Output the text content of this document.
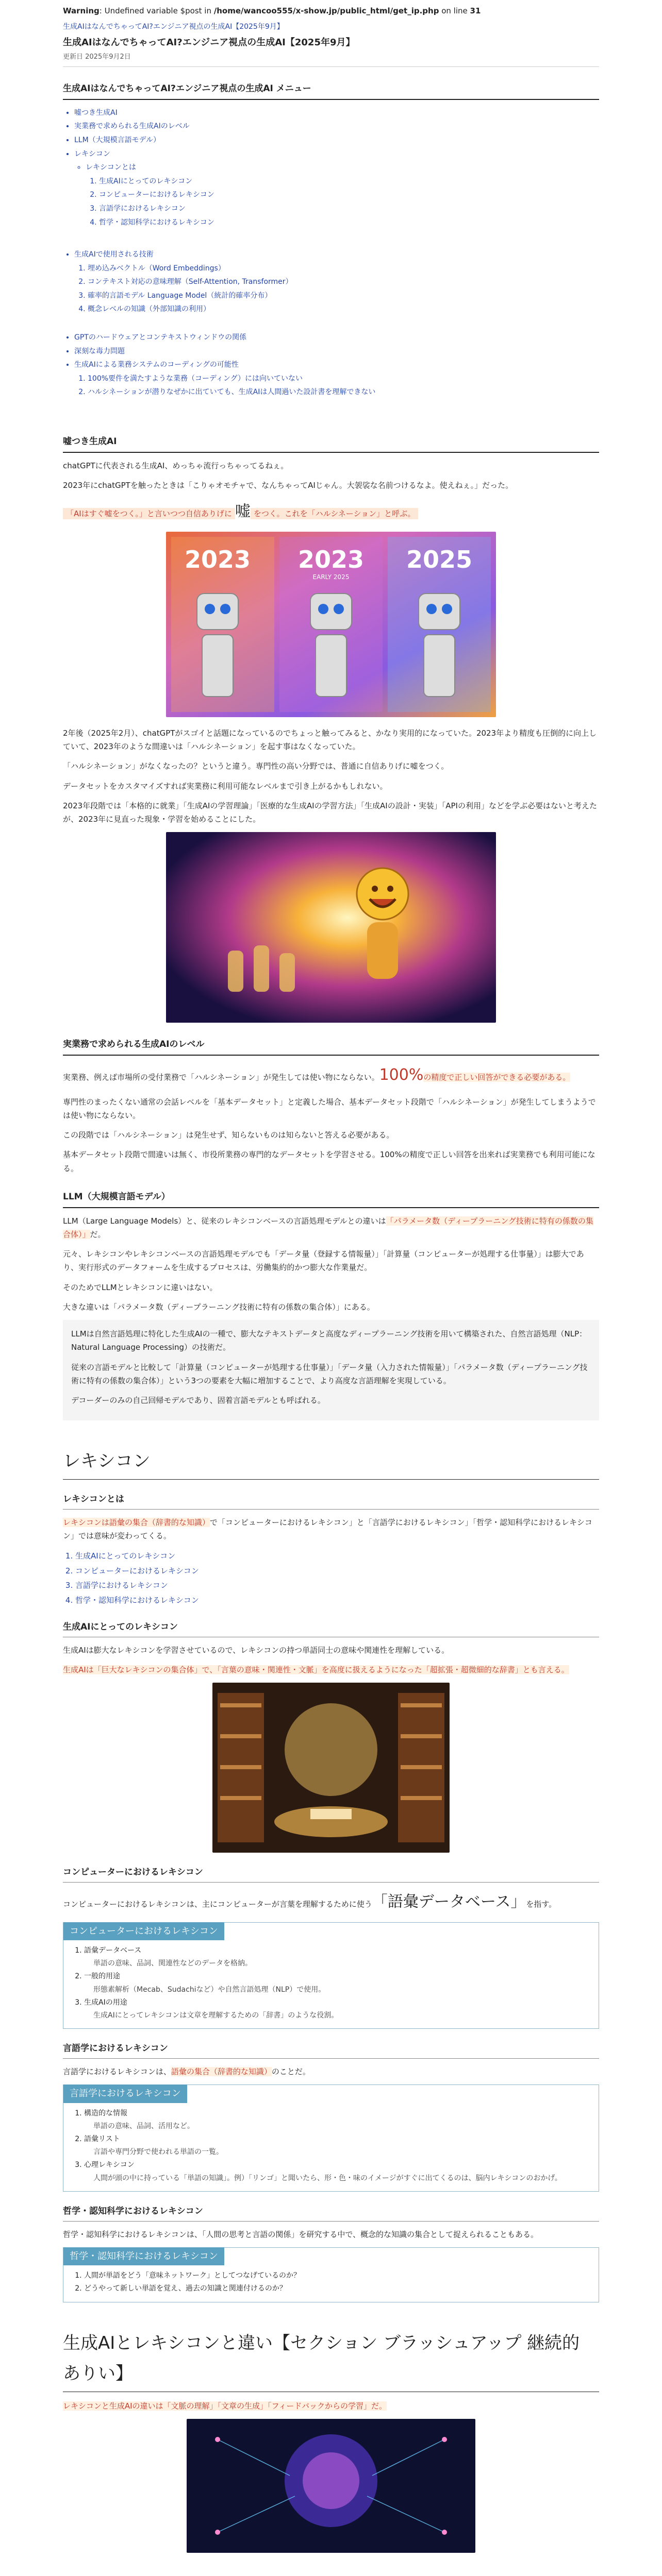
Warning: Undefined variable $post in /home/wancoo555/x-show.jp/public_html/get_ip.php on line 31
生成AIはなんでちゃってAI?エンジニア視点の生成AI【2025年9月】
生成AIはなんでちゃってAI?エンジニア視点の生成AI【2025年9月】
更新日 2025年9月2日
生成AIはなんでちゃってAI?エンジニア視点の生成AI メニュー
• 嘘つき生成AI
• 実業務で求められる生成AIのレベル
• LLM（大規模言語モデル）
• レキシコン
◦ レキシコンとは
1. 生成AIにとってのレキシコン
2. コンピューターにおけるレキシコン
3. 言語学におけるレキシコン
4. 哲学・認知科学におけるレキシコン
• 生成AIで使用される技術
1. 埋め込みベクトル（Word Embeddings）
2. コンテキスト対応の意味理解（Self-Attention, Transformer）
3. 確率的言語モデル Language Model（統計的確率分布）
4. 概念レベルの知識（外部知識の利用）
• GPTのハードウェアとコンテキストウィンドウの関係
• 深刻な毒力問題
• 生成AIによる業務システムのコーディングの可能性
1. 100%要件を満たすような業務（コーディング）には向いていない
2. ハルシネーションが潜りなぜかに出ていても、生成AIは人間過いた設計書を理解できない
嘘つき生成AI

chatGPTに代表される生成AI、めっちゃ流行っちゃってるねぇ。

2023年にchatGPTを触ったときは「こりゃオモチャで、なんちゃってAIじゃん。大袈裟な名前つけるなよ。使えねぇ。」だった。

「AIはすぐ嘘をつく。」と言いつつ自信ありげに 嘘 をつく。これを「ハルシネーション」と呼ぶ。

2023 2023 2025
EARLY 2025

2年後（2025年2月）、chatGPTがスゴイと話題になっているのでちょっと触ってみると、かなり実用的になっていた。2023年より精度も圧倒的に向上していて、2023年のような間違いは「ハルシネーション」を起す事はなくなっていた。

「ハルシネーション」がなくなったの？というと違う。専門性の高い分野では、普通に自信ありげに嘘をつく。

データセットをカスタマイズすれば実業務に利用可能なレベルまで引き上がるかもしれない。

2023年段階では「本格的に就業」「生成AIの学習理論」「医療的な生成AIの学習方法」「生成AIの設計・実装」「APIの利用」などを学ぶ必要はないと考えたが、2023年に見直った現象・学習を始めることにした。

実業務で求められる生成AIのレベル

実業務、例えば市場所の受付業務で「ハルシネーション」が発生しては使い物にならない。100%の精度で正しい回答ができる必要がある。

専門性のまったくない通常の会話レベルを「基本データセット」と定義した場合、基本データセット段階で「ハルシネーション」が発生してしまうようでは使い物にならない。

この段階では「ハルシネーション」は発生せず、知らないものは知らないと答える必要がある。

基本データセット段階で間違いは無く、市役所業務の専門的なデータセットを学習させる。100%の精度で正しい回答を出来れば実業務でも利用可能になる。

LLM（大規模言語モデル）

LLM（Large Language Models）と、従来のレキシコンベースの言語処理モデルとの違いは「パラメータ数（ディープラーニング技術に特有の係数の集合体）」だ。

元々、レキシコンやレキシコンベースの言語処理モデルでも「データ量（登録する情報量）」「計算量（コンピューターが処理する仕事量）」は膨大であり、実行形式のデータフォームを生成するプロセスは、労働集約的かつ膨大な作業量だ。

そのためでLLMとレキシコンに違いはない。

大きな違いは「パラメータ数（ディープラーニング技術に特有の係数の集合体）」にある。

LLMは自然言語処理に特化した生成AIの一種で、膨大なテキストデータと高度なディープラーニング技術を用いて構築された、自然言語処理（NLP：Natural Language Processing）の技術だ。

従来の言語モデルと比較して「計算量（コンピューターが処理する仕事量）」「データ量（入力された情報量）」「パラメータ数（ディープラーニング技術に特有の係数の集合体）」という3つの要素を大幅に増加することで、より高度な言語理解を実現している。

デコーダーのみの自己回帰モデルであり、固着言語モデルとも呼ばれる。

レキシコン
レキシコンとは

レキシコンは語彙の集合（辞書的な知識）で「コンピューターにおけるレキシコン」と「言語学におけるレキシコン」「哲学・認知科学におけるレキシコン」では意味が変わってくる。

1. 生成AIにとってのレキシコン
2. コンピューターにおけるレキシコン
3. 言語学におけるレキシコン
4. 哲学・認知科学におけるレキシコン
生成AIにとってのレキシコン

生成AIは膨大なレキシコンを学習させているので、レキシコンの持つ単語同士の意味や関連性を理解している。

生成AIは「巨大なレキシコンの集合体」で、「言葉の意味・関連性・文脈」を高度に扱えるようになった「超拡張・超微細的な辞書」とも言える。

コンピューターにおけるレキシコン

コンピューターにおけるレキシコンは、主にコンピューターが言葉を理解するために使う「語彙データベース」を指す。

コンピューターにおけるレキシコン
1. 語彙データベース
単語の意味、品詞、関連性などのデータを格納。
2. 一般的用途
形態素解析（Mecab、Sudachiなど）や自然言語処理（NLP）で使用。
3. 生成AIの用途
生成AIにとってレキシコンは文章を理解するための「辞書」のような役割。
言語学におけるレキシコン

言語学におけるレキシコンは、語彙の集合（辞書的な知識）のことだ。

言語学におけるレキシコン
1. 構造的な情報
単語の意味、品詞、活用など。
2. 語彙リスト
言語や専門分野で使われる単語の一覧。
3. 心理レキシコン
人間が頭の中に持っている「単語の知識」。例）「リンゴ」と聞いたら、形・色・味のイメージがすぐに出てくるのは、脳内レキシコンのおかげ。
哲学・認知科学におけるレキシコン

哲学・認知科学におけるレキシコンは、「人間の思考と言語の関係」を研究する中で、概念的な知識の集合として捉えられることもある。

哲学・認知科学におけるレキシコン
1. 人間が単語をどう「意味ネットワーク」としてつなげているのか？
2. どうやって新しい単語を覚え、過去の知識と関連付けるのか？
生成AIとレキシコンと違い【セクション ブラッシュアップ 継続的 ありい】

レキシコンと生成AIの違いは「文脈の理解」「文章の生成」「フィードバックからの学習」だ。
